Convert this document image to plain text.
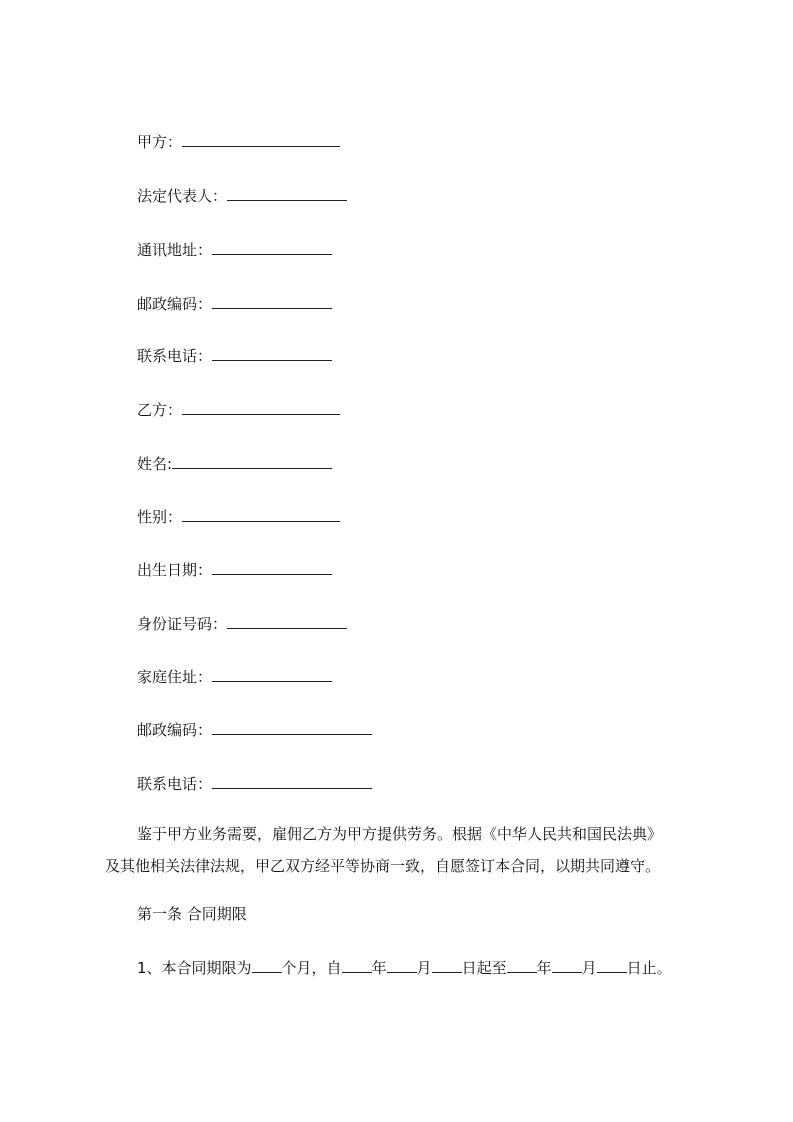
甲方：
法定代表人：
通讯地址：
邮政编码：
联系电话：
乙方：
姓名:
性别：
出生日期：
身份证号码：
家庭住址：
邮政编码：
联系电话：
鉴于甲方业务需要，雇佣乙方为甲方提供劳务。根据《中华人民共和国民法典》
及其他相关法律法规，甲乙双方经平等协商一致，自愿签订本合同，以期共同遵守。
第一条 合同期限
1、本合同期限为 个月，自 年 月 日起至 年 月 日止。
